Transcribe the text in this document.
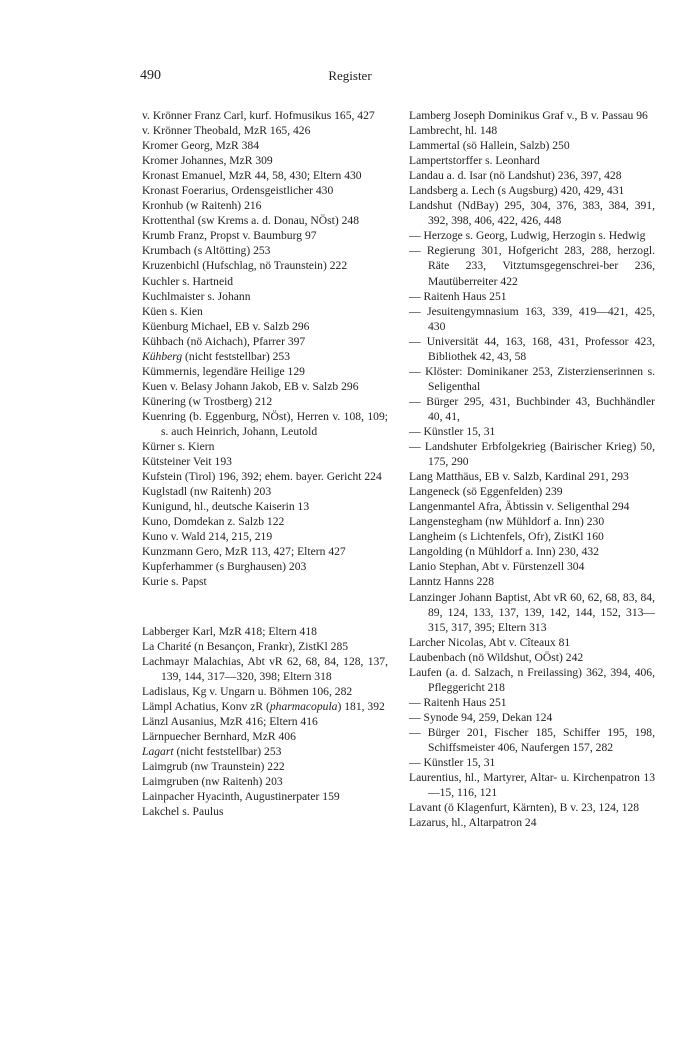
490	Register
v. Krönner Franz Carl, kurf. Hofmusikus 165, 427
v. Krönner Theobald, MzR 165, 426
Kromer Georg, MzR 384
Kromer Johannes, MzR 309
Kronast Emanuel, MzR 44, 58, 430; Eltern 430
Kronast Foerarius, Ordensgeistlicher 430
Kronhub (w Raitenh) 216
Krottenthal (sw Krems a. d. Donau, NÖst) 248
Krumb Franz, Propst v. Baumburg 97
Krumbach (s Altötting) 253
Kruzenbichl (Hufschlag, nö Traunstein) 222
Kuchler s. Hartneid
Kuchlmaister s. Johann
Küen s. Kien
Küenburg Michael, EB v. Salzb 296
Kühbach (nö Aichach), Pfarrer 397
Kühberg (nicht feststellbar) 253
Kümmernis, legendäre Heilige 129
Kuen v. Belasy Johann Jakob, EB v. Salzb 296
Künering (w Trostberg) 212
Kuenring (b. Eggenburg, NÖst), Herren v. 108, 109; s. auch Heinrich, Johann, Leutold
Kürner s. Kiern
Kütsteiner Veit 193
Kufstein (Tirol) 196, 392; ehem. bayer. Gericht 224
Kuglstadl (nw Raitenh) 203
Kunigund, hl., deutsche Kaiserin 13
Kuno, Domdekan z. Salzb 122
Kuno v. Wald 214, 215, 219
Kunzmann Gero, MzR 113, 427; Eltern 427
Kupferhammer (s Burghausen) 203
Kurie s. Papst
Labberger Karl, MzR 418; Eltern 418
La Charité (n Besançon, Frankr), ZistKl 285
Lachmayr Malachias, Abt vR 62, 68, 84, 128, 137, 139, 144, 317—320, 398; Eltern 318
Ladislaus, Kg v. Ungarn u. Böhmen 106, 282
Lämpl Achatius, Konv zR (pharmacopula) 181, 392
Länzl Ausanius, MzR 416; Eltern 416
Lärnpuecher Bernhard, MzR 406
Lagart (nicht feststellbar) 253
Laimgrub (nw Traunstein) 222
Laimgruben (nw Raitenh) 203
Lainpacher Hyacinth, Augustinerpater 159
Lakchel s. Paulus
Lamberg Joseph Dominikus Graf v., B v. Passau 96
Lambrecht, hl. 148
Lammertal (sö Hallein, Salzb) 250
Lampertstorffer s. Leonhard
Landau a. d. Isar (nö Landshut) 236, 397, 428
Landsberg a. Lech (s Augsburg) 420, 429, 431
Landshut (NdBay) 295, 304, 376, 383, 384, 391, 392, 398, 406, 422, 426, 448
— Herzoge s. Georg, Ludwig, Herzogin s. Hedwig
— Regierung 301, Hofgericht 283, 288, herzogl. Räte 233, Vitztumsgegenschrei-ber 236, Mautüberreiter 422
— Raitenh Haus 251
— Jesuitengymnasium 163, 339, 419—421, 425, 430
— Universität 44, 163, 168, 431, Professor 423, Bibliothek 42, 43, 58
— Klöster: Dominikaner 253, Zisterzienserinnen s. Seligenthal
— Bürger 295, 431, Buchbinder 43, Buchhändler 40, 41,
— Künstler 15, 31
— Landshuter Erbfolgekrieg (Bairischer Krieg) 50, 175, 290
Lang Matthäus, EB v. Salzb, Kardinal 291, 293
Langeneck (sö Eggenfelden) 239
Langenmantel Afra, Äbtissin v. Seligenthal 294
Langenstegham (nw Mühldorf a. Inn) 230
Langheim (s Lichtenfels, Ofr), ZistKl 160
Langolding (n Mühldorf a. Inn) 230, 432
Lanio Stephan, Abt v. Fürstenzell 304
Lanntz Hanns 228
Lanzinger Johann Baptist, Abt vR 60, 62, 68, 83, 84, 89, 124, 133, 137, 139, 142, 144, 152, 313—315, 317, 395; Eltern 313
Larcher Nicolas, Abt v. Cîteaux 81
Laubenbach (nö Wildshut, OÖst) 242
Laufen (a. d. Salzach, n Freilassing) 362, 394, 406, Pfleggericht 218
— Raitenh Haus 251
— Synode 94, 259, Dekan 124
— Bürger 201, Fischer 185, Schiffer 195, 198, Schiffsmeister 406, Naufergen 157, 282
— Künstler 15, 31
Laurentius, hl., Martyrer, Altar- u. Kirchenpatron 13—15, 116, 121
Lavant (ö Klagenfurt, Kärnten), B v. 23, 124, 128
Lazarus, hl., Altarpatron 24
